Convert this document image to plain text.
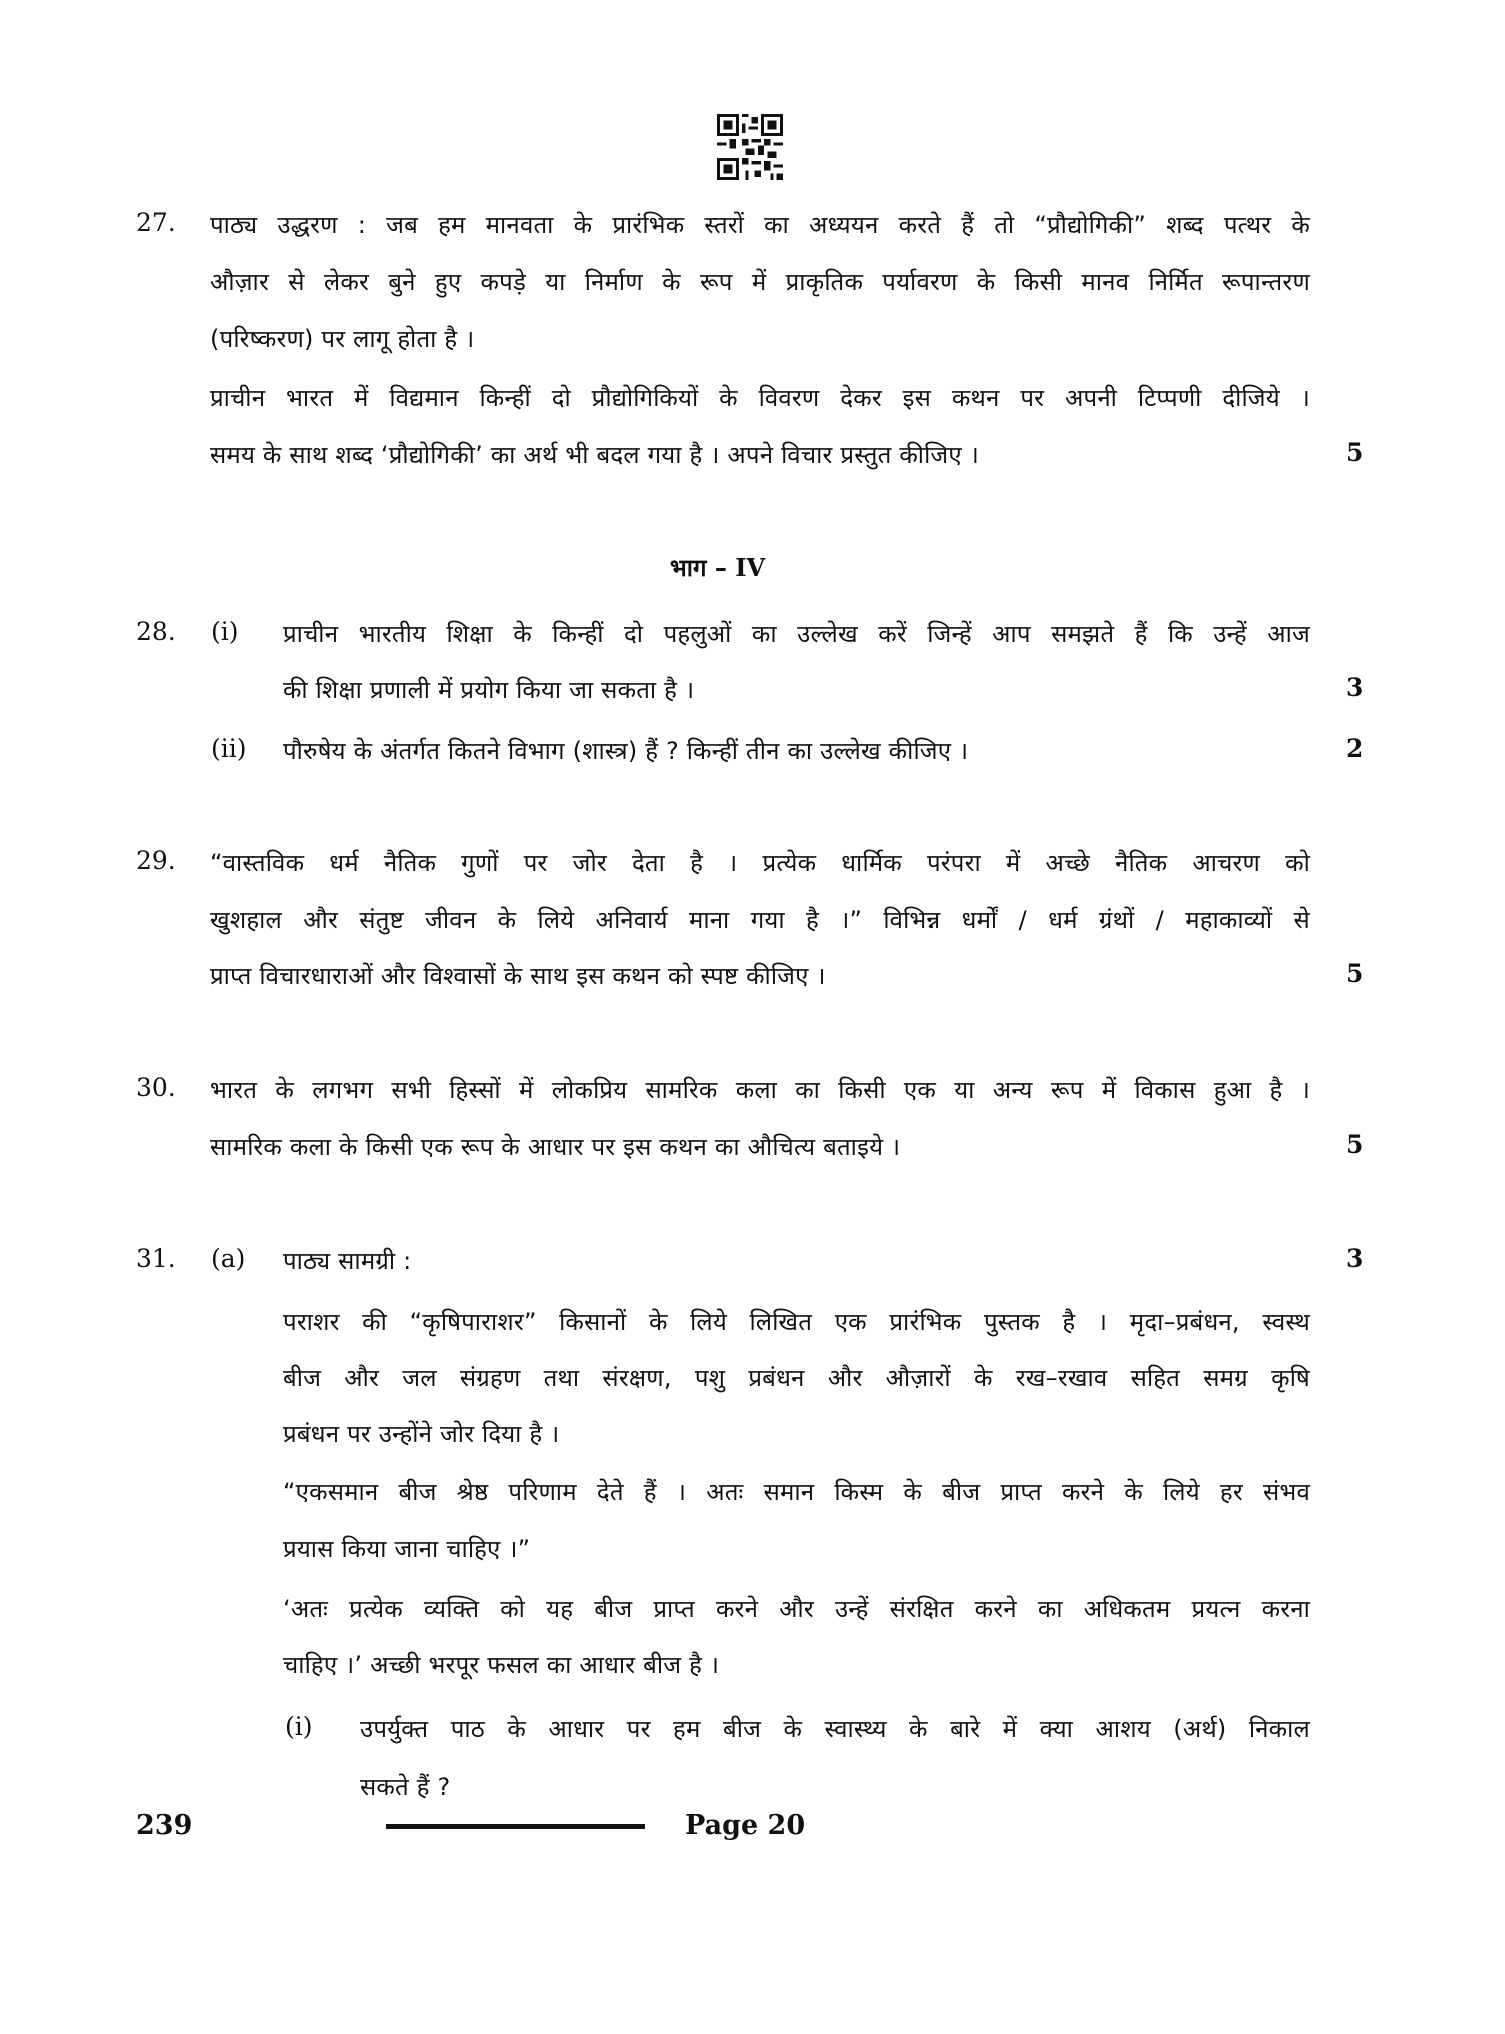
27. पाठ्य उद्धरण : जब हम मानवता के प्रारंभिक स्तरों का अध्ययन करते हैं तो “प्रौद्योगिकी” शब्द पत्थर के
औज़ार से लेकर बुने हुए कपड़े या निर्माण के रूप में प्राकृतिक पर्यावरण के किसी मानव निर्मित रूपान्तरण
(परिष्करण) पर लागू होता है ।
प्राचीन भारत में विद्यमान किन्हीं दो प्रौद्योगिकियों के विवरण देकर इस कथन पर अपनी टिप्पणी दीजिये ।
समय के साथ शब्द ‘प्रौद्योगिकी’ का अर्थ भी बदल गया है । अपने विचार प्रस्तुत कीजिए ।	5
भाग – IV
28. (i) प्राचीन भारतीय शिक्षा के किन्हीं दो पहलुओं का उल्लेख करें जिन्हें आप समझते हैं कि उन्हें आज
की शिक्षा प्रणाली में प्रयोग किया जा सकता है ।	3
(ii) पौरुषेय के अंतर्गत कितने विभाग (शास्त्र) हैं ? किन्हीं तीन का उल्लेख कीजिए ।	2
29. “वास्तविक धर्म नैतिक गुणों पर जोर देता है । प्रत्येक धार्मिक परंपरा में अच्छे नैतिक आचरण को
खुशहाल और संतुष्ट जीवन के लिये अनिवार्य माना गया है ।” विभिन्न धर्मों / धर्म ग्रंथों / महाकाव्यों से
प्राप्त विचारधाराओं और विश्वासों के साथ इस कथन को स्पष्ट कीजिए ।	5
30. भारत के लगभग सभी हिस्सों में लोकप्रिय सामरिक कला का किसी एक या अन्य रूप में विकास हुआ है ।
सामरिक कला के किसी एक रूप के आधार पर इस कथन का औचित्य बताइये ।	5
31. (a) पाठ्य सामग्री :	3
पराशर की “कृषिपाराशर” किसानों के लिये लिखित एक प्रारंभिक पुस्तक है । मृदा–प्रबंधन, स्वस्थ
बीज और जल संग्रहण तथा संरक्षण, पशु प्रबंधन और औज़ारों के रख–रखाव सहित समग्र कृषि
प्रबंधन पर उन्होंने जोर दिया है ।
“एकसमान बीज श्रेष्ठ परिणाम देते हैं । अतः समान किस्म के बीज प्राप्त करने के लिये हर संभव
प्रयास किया जाना चाहिए ।”
‘अतः प्रत्येक व्यक्ति को यह बीज प्राप्त करने और उन्हें संरक्षित करने का अधिकतम प्रयत्न करना
चाहिए ।’ अच्छी भरपूर फसल का आधार बीज है ।
(i) उपर्युक्त पाठ के आधार पर हम बीज के स्वास्थ्य के बारे में क्या आशय (अर्थ) निकाल
सकते हैं ?
239	Page 20
